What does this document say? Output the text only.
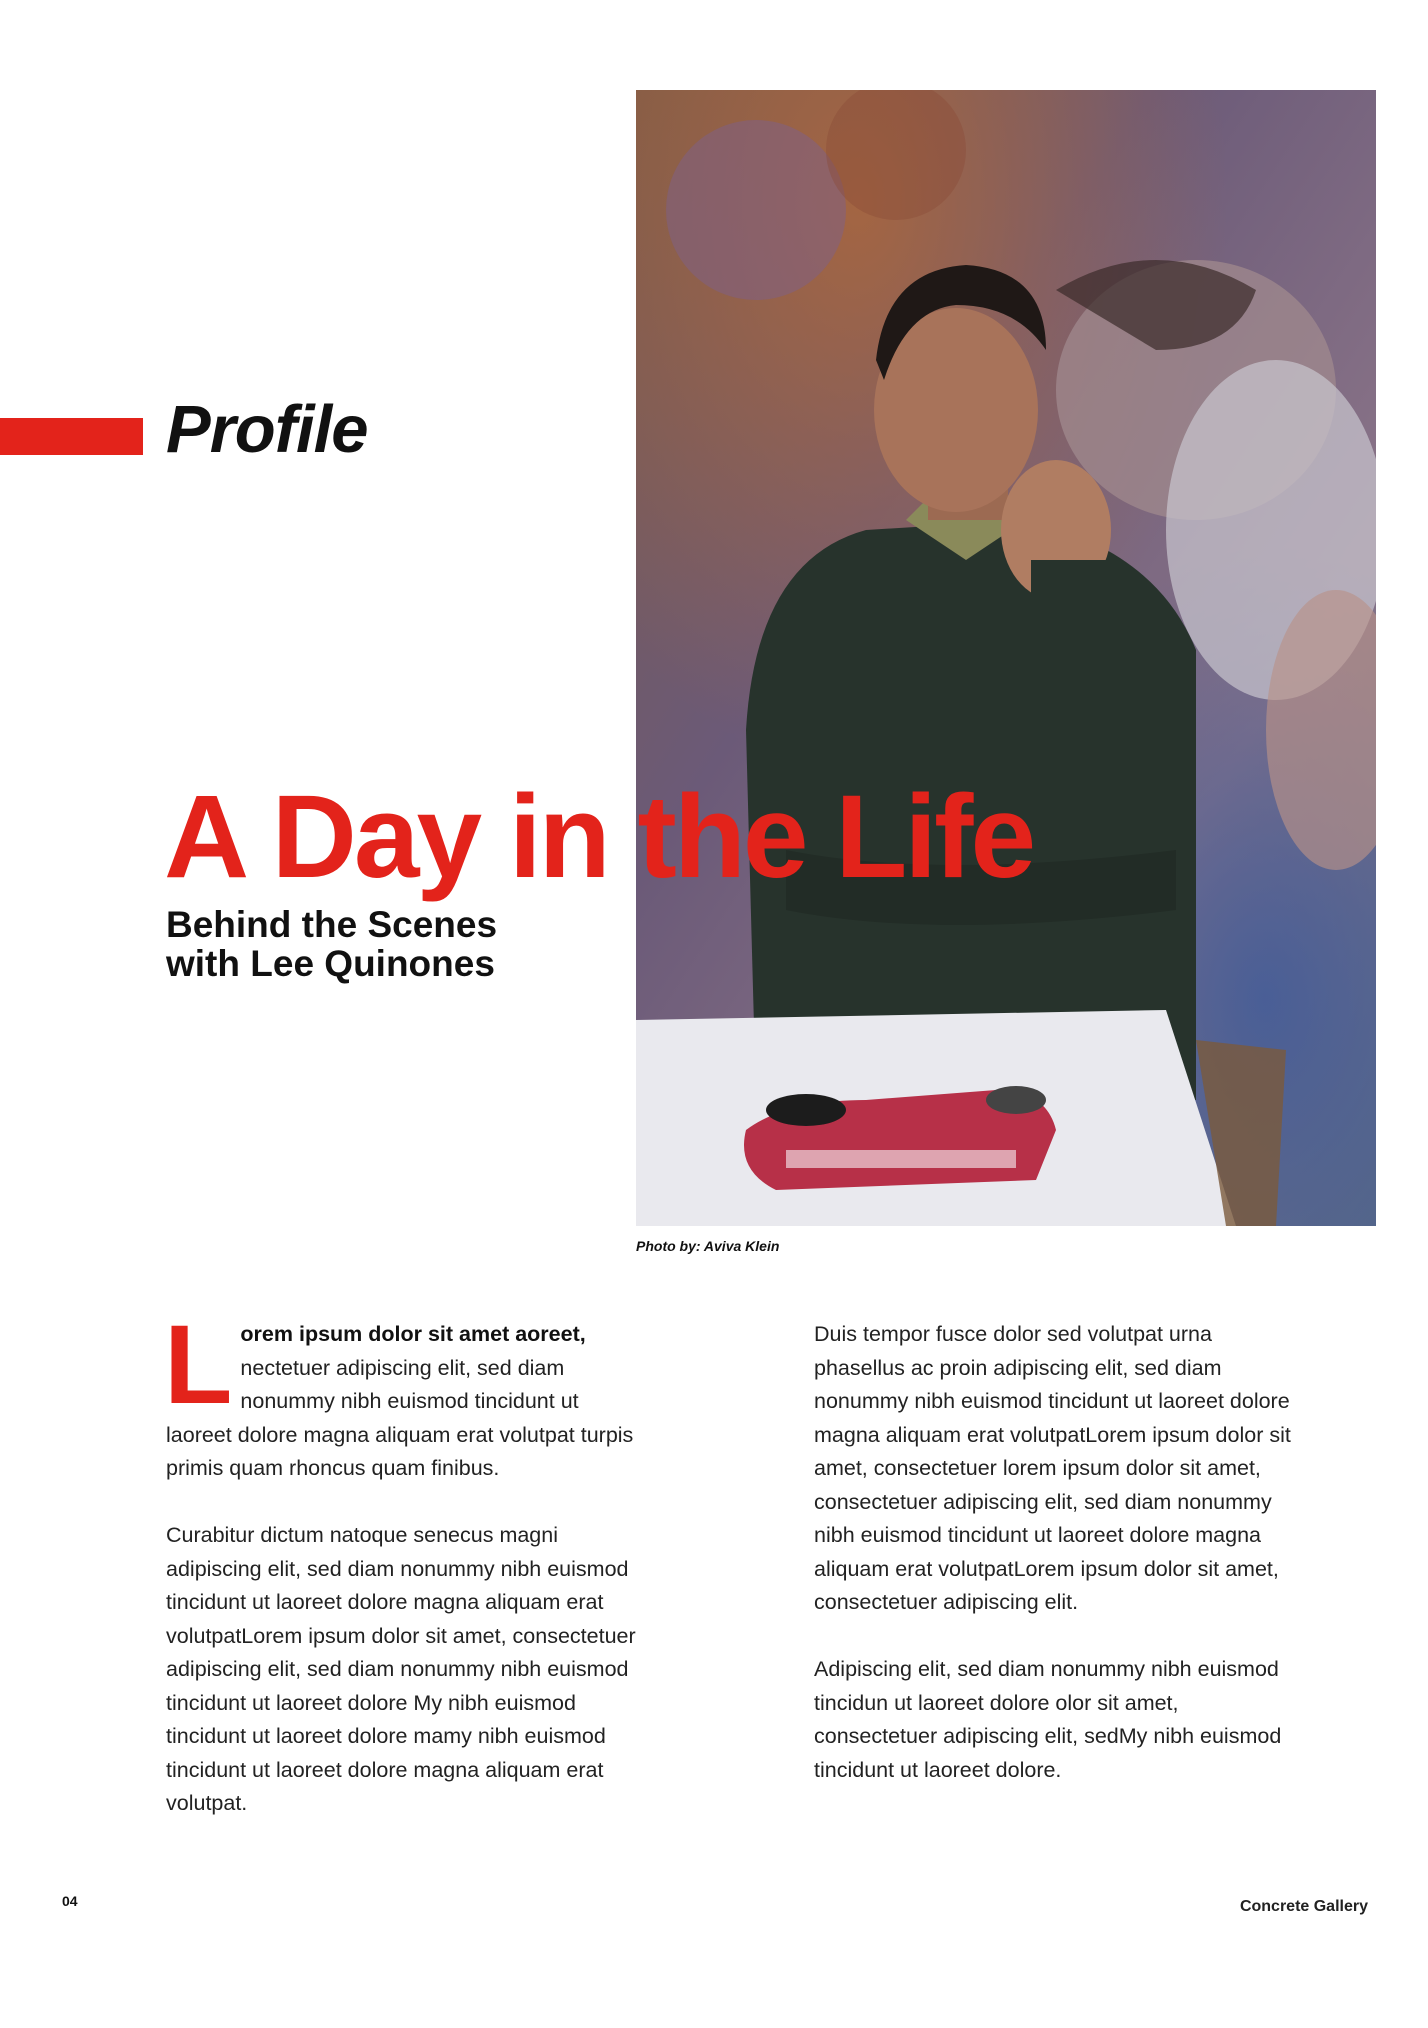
Photo by: Aviva Klein
Profile
A Day in the Life
Behind the Scenes
with Lee Quinones

Lorem ipsum dolor sit amet aoreet, nectetuer adipiscing elit, sed diam nonummy nibh euismod tincidunt ut laoreet dolore magna aliquam erat volutpat turpis primis quam rhoncus quam finibus.

Curabitur dictum natoque senecus magni adipiscing elit, sed diam nonummy nibh euismod tincidunt ut laoreet dolore magna aliquam erat volutpatLorem ipsum dolor sit amet, consectetuer adipiscing elit, sed diam nonummy nibh euismod tincidunt ut laoreet dolore My nibh euismod tincidunt ut laoreet dolore mamy nibh euismod tincidunt ut laoreet dolore magna aliquam erat volutpat.

Duis tempor fusce dolor sed volutpat urna phasellus ac proin adipiscing elit, sed diam nonummy nibh euismod tincidunt ut laoreet dolore magna aliquam erat volutpatLorem ipsum dolor sit amet, consectetuer lorem ipsum dolor sit amet, consectetuer adipiscing elit, sed diam nonummy nibh euismod tincidunt ut laoreet dolore magna aliquam erat volutpatLorem ipsum dolor sit amet, consectetuer adipiscing elit.

Adipiscing elit, sed diam nonummy nibh euismod tincidun ut laoreet dolore olor sit amet, consectetuer adipiscing elit, sedMy nibh euismod tincidunt ut laoreet dolore.

04	Concrete Gallery
